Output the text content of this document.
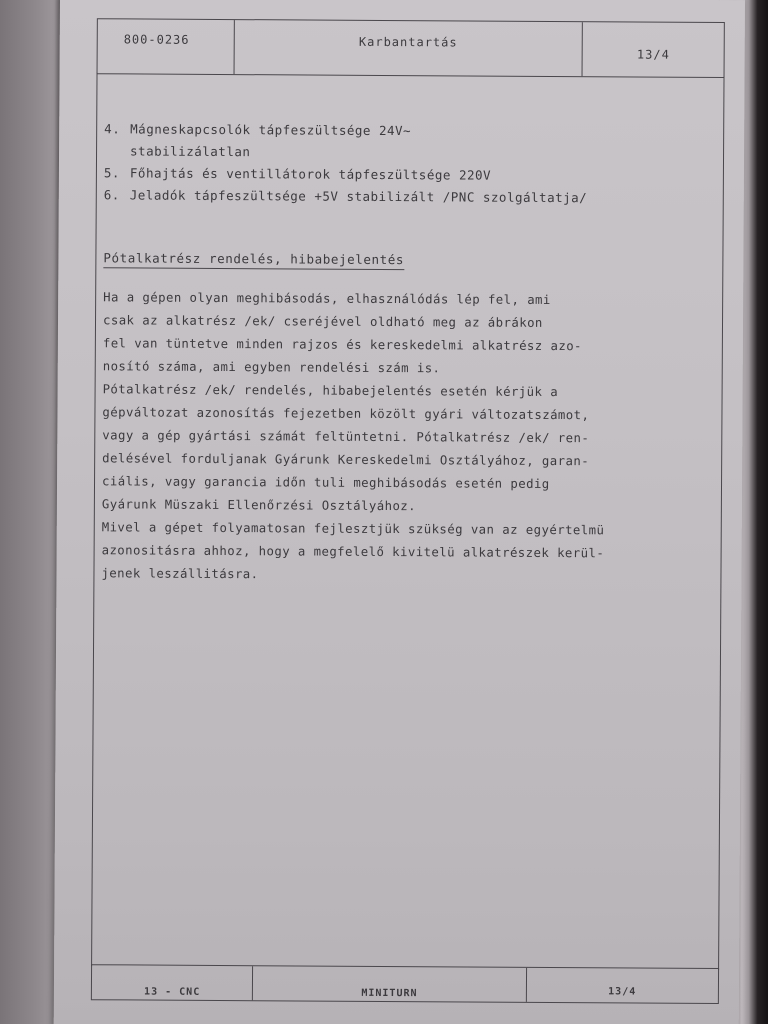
800-0236	Karbantartás
13/4
4. Mágneskapcsolók tápfeszültsége 24V~
stabilizálatlan
5. Főhajtás és ventillátorok tápfeszültsége 220V
6. Jeladók tápfeszültsége +5V stabilizált /PNC szolgáltatja/
Pótalkatrész rendelés, hibabejelentés
Ha a gépen olyan meghibásodás, elhasználódás lép fel, ami
csak az alkatrész /ek/ cseréjével oldható meg az ábrákon
fel van tüntetve minden rajzos és kereskedelmi alkatrész azo-
nosító száma, ami egyben rendelési szám is.
Pótalkatrész /ek/ rendelés, hibabejelentés esetén kérjük a
gépváltozat azonosítás fejezetben közölt gyári változatszámot,
vagy a gép gyártási számát feltüntetni. Pótalkatrész /ek/ ren-
delésével forduljanak Gyárunk Kereskedelmi Osztályához, garan-
ciális, vagy garancia időn tuli meghibásodás esetén pedig
Gyárunk Müszaki Ellenőrzési Osztályához.
Mivel a gépet folyamatosan fejlesztjük szükség van az egyértelmü
azonositásra ahhoz, hogy a megfelelő kivitelü alkatrészek kerül-
jenek leszállitásra.
13 - CNC	MINITURN	13/4
